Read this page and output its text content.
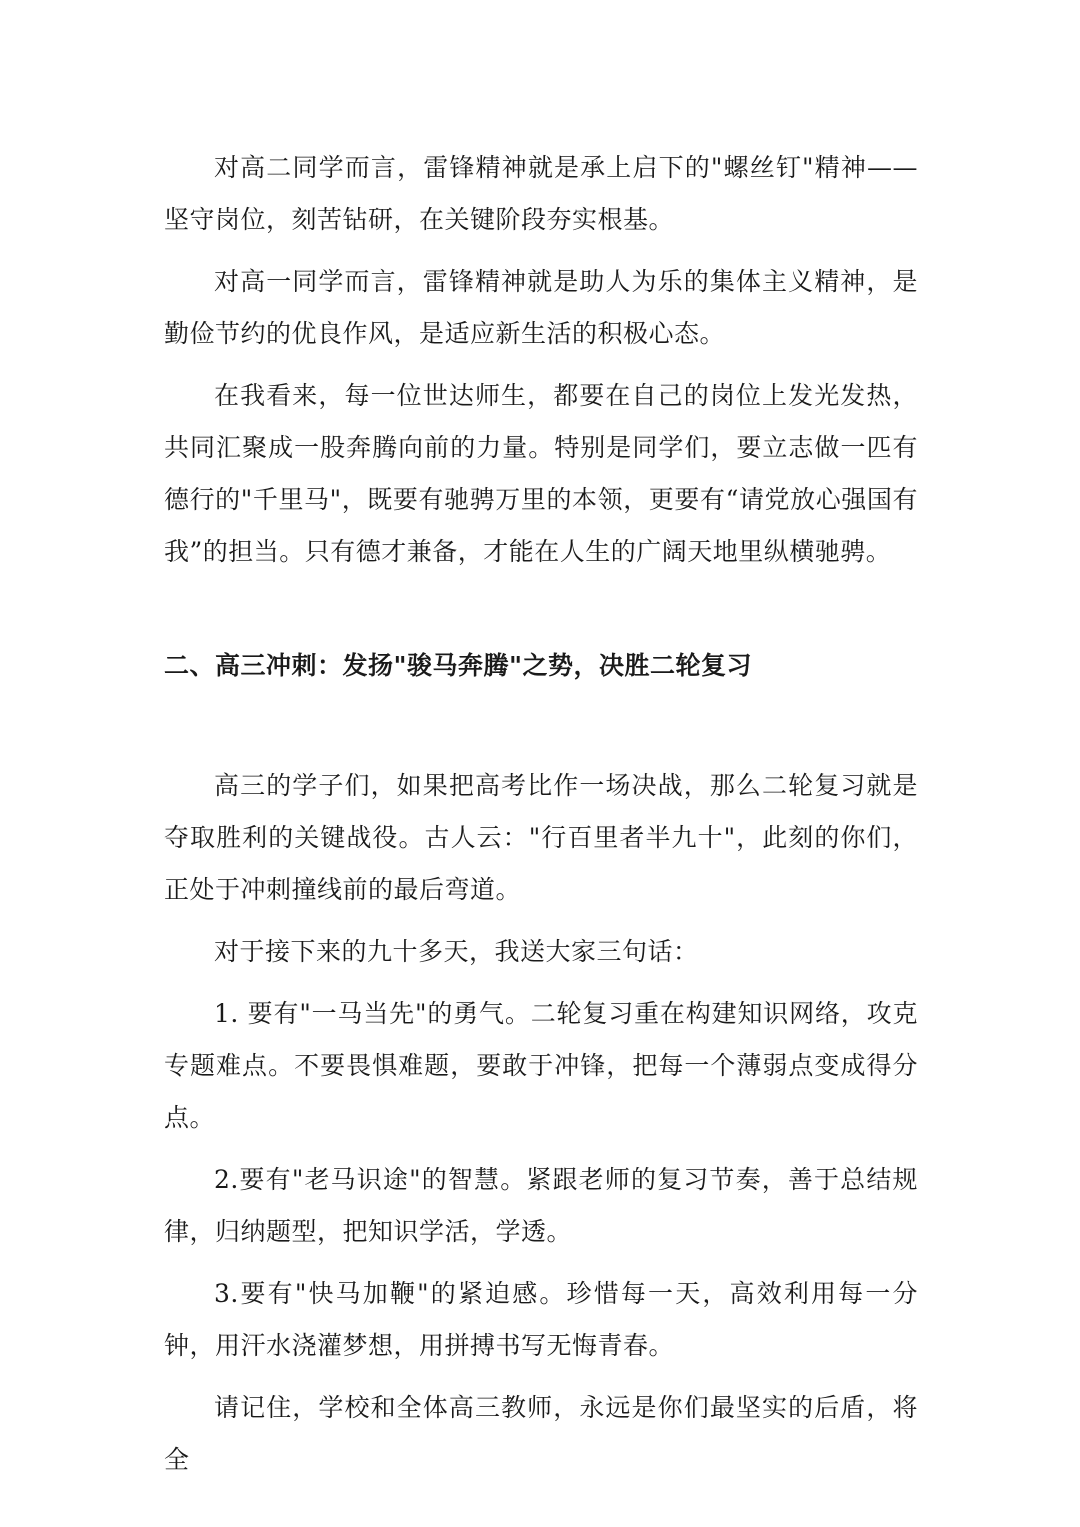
对高二同学而言，雷锋精神就是承上启下的"螺丝钉"精神——坚守岗位，刻苦钻研，在关键阶段夯实根基。

对高一同学而言，雷锋精神就是助人为乐的集体主义精神，是勤俭节约的优良作风，是适应新生活的积极心态。

在我看来，每一位世达师生，都要在自己的岗位上发光发热，共同汇聚成一股奔腾向前的力量。特别是同学们，要立志做一匹有德行的"千里马"，既要有驰骋万里的本领，更要有“请党放心强国有我”的担当。只有德才兼备，才能在人生的广阔天地里纵横驰骋。

二、高三冲刺：发扬"骏马奔腾"之势，决胜二轮复习

高三的学子们，如果把高考比作一场决战，那么二轮复习就是夺取胜利的关键战役。古人云："行百里者半九十"，此刻的你们，正处于冲刺撞线前的最后弯道。

对于接下来的九十多天，我送大家三句话：

1. 要有"一马当先"的勇气。二轮复习重在构建知识网络，攻克专题难点。不要畏惧难题，要敢于冲锋，把每一个薄弱点变成得分点。

2.要有"老马识途"的智慧。紧跟老师的复习节奏，善于总结规律，归纳题型，把知识学活，学透。

3.要有"快马加鞭"的紧迫感。珍惜每一天，高效利用每一分钟，用汗水浇灌梦想，用拼搏书写无悔青春。

请记住，学校和全体高三教师，永远是你们最坚实的后盾，将全
